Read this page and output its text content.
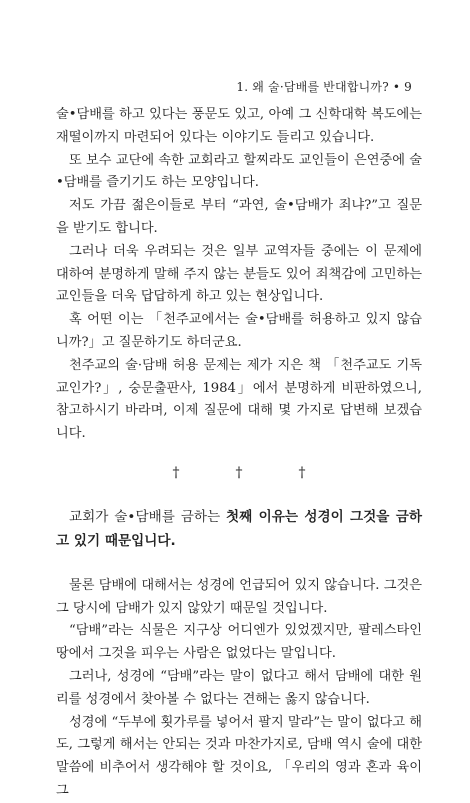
1. 왜 술·담배를 반대합니까? • 9

술•담배를 하고 있다는 풍문도 있고, 아예 그 신학대학 복도에는 재떨이까지 마련되어 있다는 이야기도 들리고 있습니다.

또 보수 교단에 속한 교회라고 할찌라도 교인들이 은연중에 술•담배를 즐기기도 하는 모양입니다.

저도 가끔 젊은이들로 부터 “과연, 술•담배가 죄냐?”고 질문을 받기도 합니다.

그러나 더욱 우려되는 것은 일부 교역자들 중에는 이 문제에 대하여 분명하게 말해 주지 않는 분들도 있어 죄책감에 고민하는 교인들을 더욱 답답하게 하고 있는 현상입니다.

혹 어떤 이는 「천주교에서는 술•담배를 허용하고 있지 않습니까?」고 질문하기도 하더군요.

천주교의 술·담배 허용 문제는 제가 지은 책 「천주교도 기독교인가?」, 숭문출판사, 1984」에서 분명하게 비판하였으니, 참고하시기 바라며, 이제 질문에 대해 몇 가지로 답변해 보겠습니다.

†	†	†

교회가 술•담배를 금하는 첫째 이유는 성경이 그것을 금하고 있기 때문입니다.

물론 담배에 대해서는 성경에 언급되어 있지 않습니다. 그것은 그 당시에 담배가 있지 않았기 때문일 것입니다.

“담배”라는 식물은 지구상 어디엔가 있었겠지만, 팔레스타인 땅에서 그것을 피우는 사람은 없었다는 말입니다.

그러나, 성경에 “담배”라는 말이 없다고 해서 담배에 대한 원리를 성경에서 찾아볼 수 없다는 견해는 옳지 않습니다.

성경에 “두부에 횟가루를 넣어서 팔지 말라”는 말이 없다고 해도, 그렇게 해서는 안되는 것과 마찬가지로, 담배 역시 술에 대한 말씀에 비추어서 생각해야 할 것이요, 「우리의 영과 혼과 육이 그
